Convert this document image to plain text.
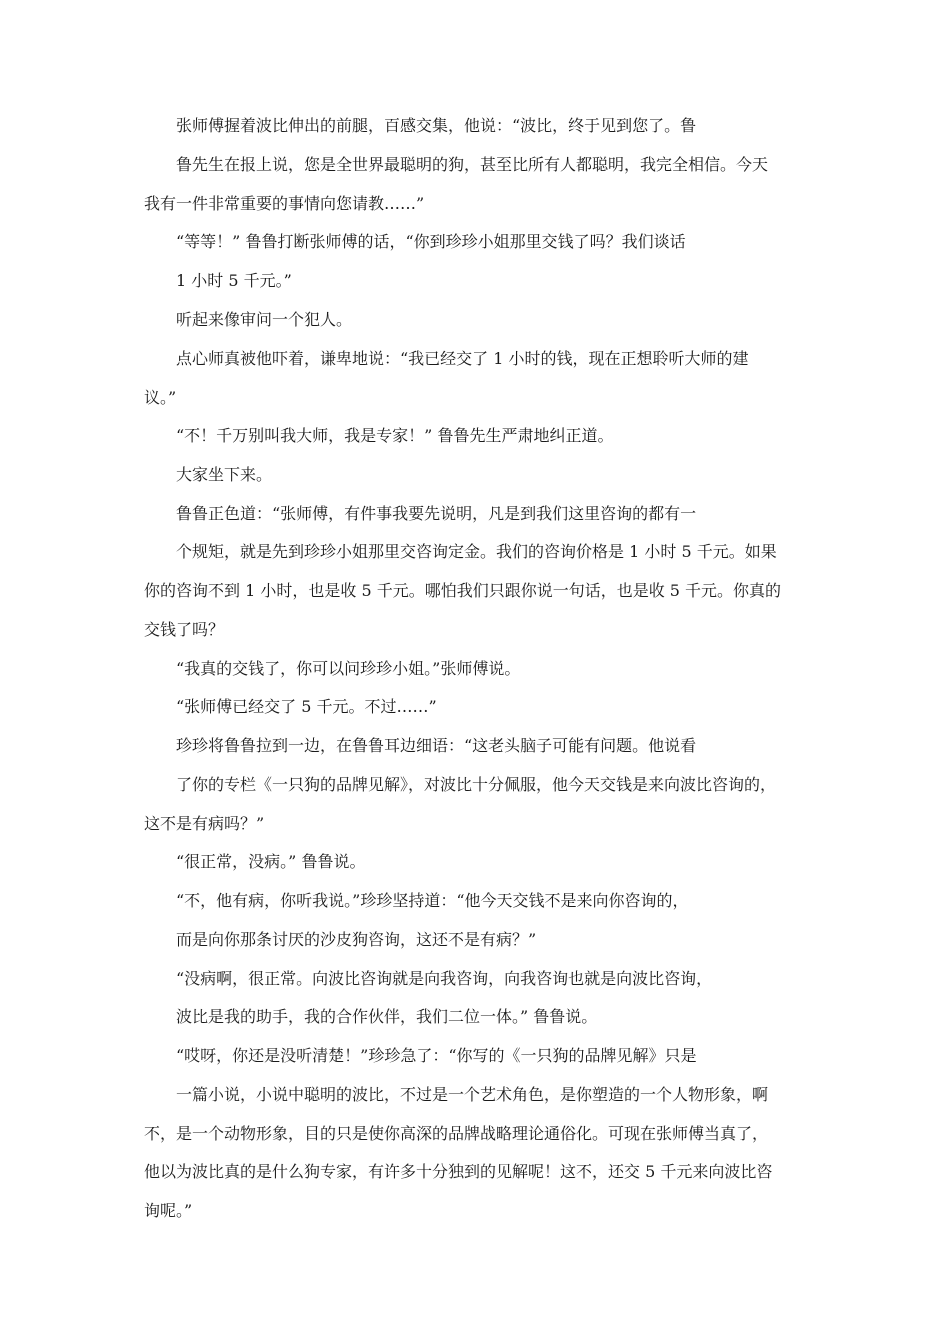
张师傅握着波比伸出的前腿，百感交集，他说：“波比，终于见到您了。鲁
鲁先生在报上说，您是全世界最聪明的狗，甚至比所有人都聪明，我完全相信。今天
我有一件非常重要的事情向您请教……”
“等等！” 鲁鲁打断张师傅的话，“你到珍珍小姐那里交钱了吗？我们谈话
1 小时 5 千元。”
听起来像审问一个犯人。
点心师真被他吓着，谦卑地说：“我已经交了 1 小时的钱，现在正想聆听大师的建
议。”
“不！千万别叫我大师，我是专家！” 鲁鲁先生严肃地纠正道。
大家坐下来。
鲁鲁正色道：“张师傅，有件事我要先说明，凡是到我们这里咨询的都有一
个规矩，就是先到珍珍小姐那里交咨询定金。我们的咨询价格是 1 小时 5 千元。如果
你的咨询不到 1 小时，也是收 5 千元。哪怕我们只跟你说一句话，也是收 5 千元。你真的
交钱了吗？
“我真的交钱了，你可以问珍珍小姐。”张师傅说。
“张师傅已经交了 5 千元。不过……”
珍珍将鲁鲁拉到一边，在鲁鲁耳边细语：“这老头脑子可能有问题。他说看
了你的专栏《一只狗的品牌见解》，对波比十分佩服，他今天交钱是来向波比咨询的，
这不是有病吗？”
“很正常，没病。” 鲁鲁说。
“不，他有病，你听我说。”珍珍坚持道：“他今天交钱不是来向你咨询的，
而是向你那条讨厌的沙皮狗咨询，这还不是有病？”
“没病啊，很正常。向波比咨询就是向我咨询，向我咨询也就是向波比咨询，
波比是我的助手，我的合作伙伴，我们二位一体。” 鲁鲁说。
“哎呀，你还是没听清楚！”珍珍急了：“你写的《一只狗的品牌见解》只是
一篇小说，小说中聪明的波比，不过是一个艺术角色，是你塑造的一个人物形象，啊
不，是一个动物形象，目的只是使你高深的品牌战略理论通俗化。可现在张师傅当真了，
他以为波比真的是什么狗专家，有许多十分独到的见解呢！这不，还交 5 千元来向波比咨
询呢。”
